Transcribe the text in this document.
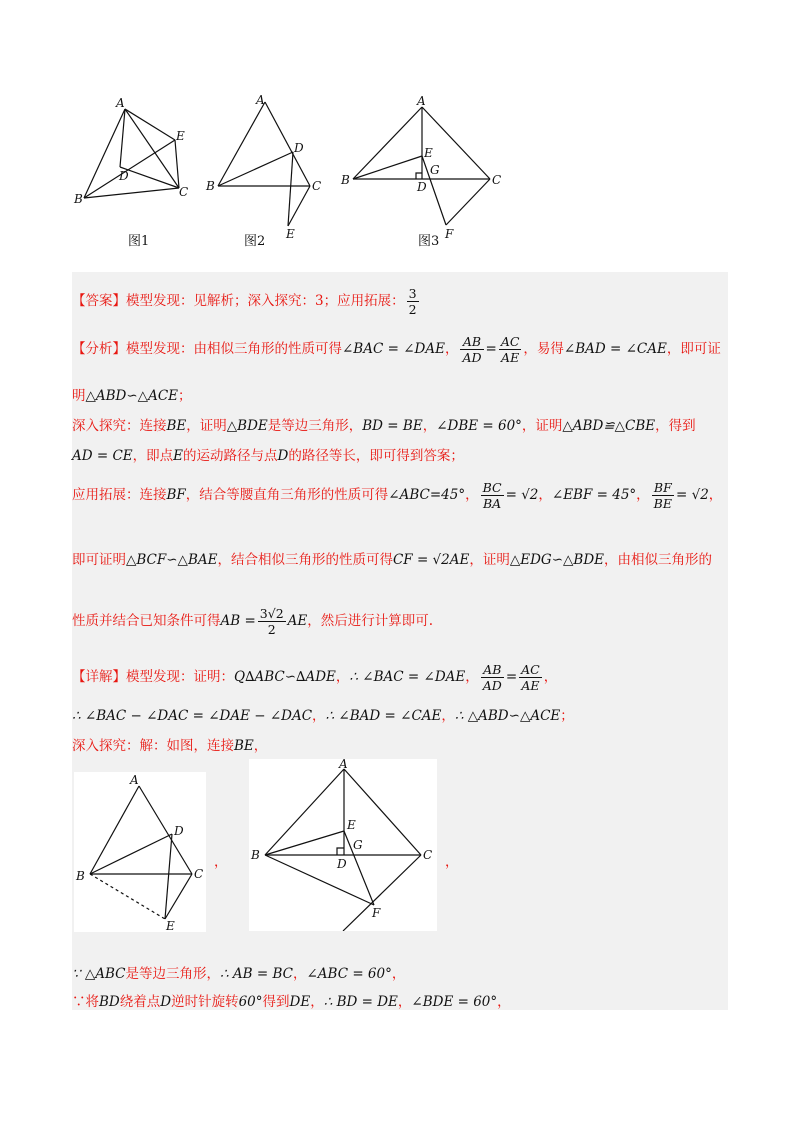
A
B	C
D
E
图1
A
B	C
D
E
图2
A
B	C
D
E
G
F
图3
【答案】模型发现：见解析；深入探究：3；应用拓展： $\frac{3}{2}$
【分析】模型发现：由相似三角形的性质可得∠BAC = ∠DAE， $\frac{AB}{AD} = \frac{AC}{AE}$ ，易得∠BAD = ∠CAE，即可证
明△ABD∽△ACE；
深入探究：连接BE，证明△BDE是等边三角形，BD = BE，∠DBE = 60°，证明△ABD≌△CBE，得到
AD = CE，即点E的运动路径与点D的路径等长，即可得到答案；
应用拓展：连接BF，结合等腰直角三角形的性质可得∠ABC=45°， $\frac{BC}{BA} = √2$，∠EBF = 45°， $\frac{BF}{BE} = √2$，
即可证明△BCF∽△BAE，结合相似三角形的性质可得CF = √2AE，证明△EDG∽△BDE，由相似三角形的
性质并结合已知条件可得AB = $\frac{3√2}{2}$ AE，然后进行计算即可.
【详解】模型发现：证明：Q∆ABC∽∆ADE，∴ ∠BAC = ∠DAE， $\frac{AB}{AD} = \frac{AC}{AE}$ ，
∴ ∠BAC − ∠DAC = ∠DAE − ∠DAC，∴ ∠BAD = ∠CAE，∴ △ABD∽△ACE；
深入探究：解：如图，连接BE，
A
B	C
D
E
，
A
B	C
D
E
G
F
，
∵ △ABC是等边三角形，∴ AB = BC，∠ABC = 60°，
∵将BD绕着点D逆时针旋转60°得到DE，∴ BD = DE，∠BDE = 60°，
